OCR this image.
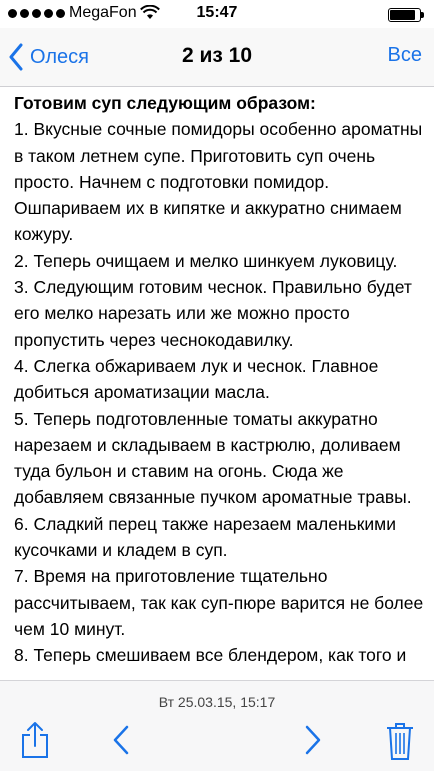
MegaFon	15:47
Олеся	2 из 10	Все

Готовим суп следующим образом:

1. Вкусные сочные помидоры особенно ароматны в таком летнем супе. Приготовить суп очень просто. Начнем с подготовки помидор. Ошпариваем их в кипятке и аккуратно снимаем кожуру.

2. Теперь очищаем и мелко шинкуем луковицу.

3. Следующим готовим чеснок. Правильно будет его мелко нарезать или же можно просто пропустить через чеснокодавилку.

4. Слегка обжариваем лук и чеснок. Главное добиться ароматизации масла.

5. Теперь подготовленные томаты аккуратно нарезаем и складываем в кастрюлю, доливаем туда бульон и ставим на огонь. Сюда же добавляем связанные пучком ароматные травы.

6. Сладкий перец также нарезаем маленькими кусочками и кладем в суп.

7. Время на приготовление тщательно рассчитываем, так как суп-пюре варится не более чем 10 минут.

8. Теперь смешиваем все блендером, как того и

Вт 25.03.15, 15:17
